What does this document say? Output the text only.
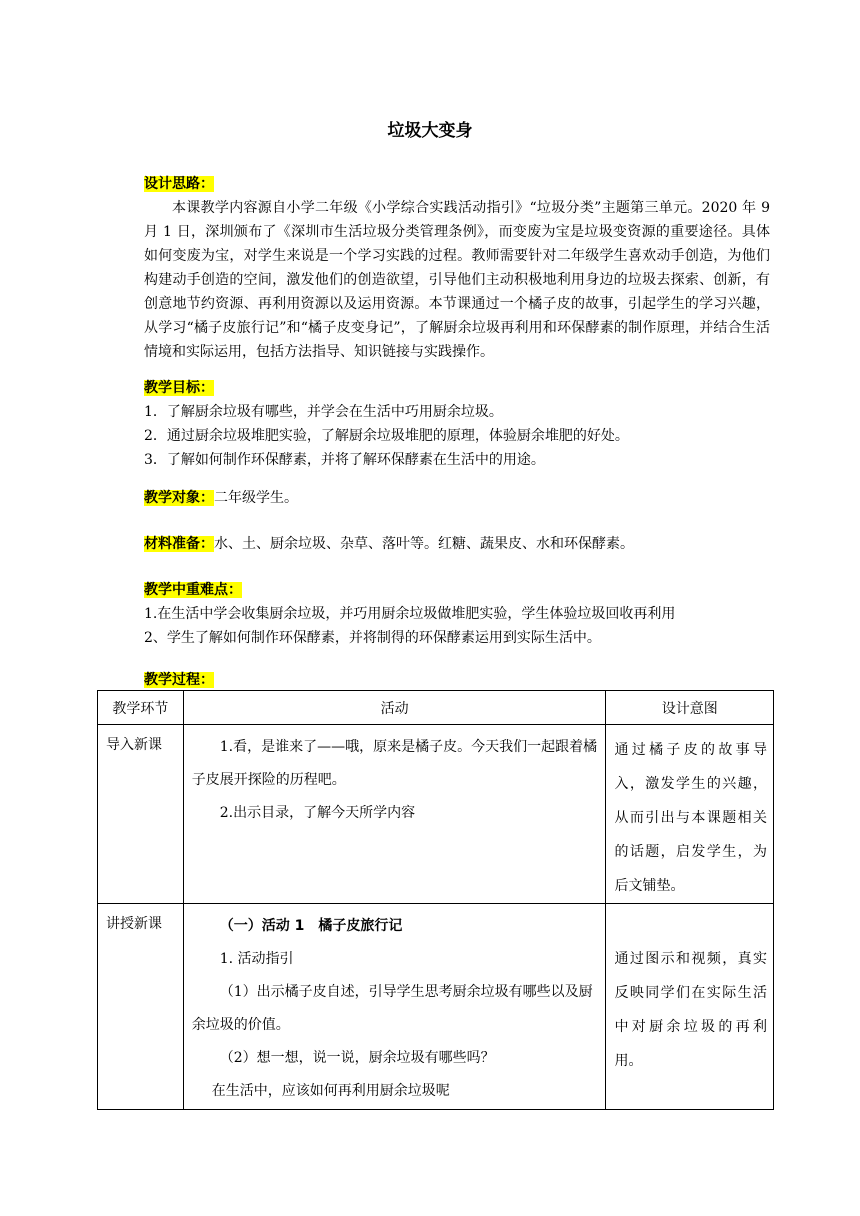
垃圾大变身

设计思路：

本课教学内容源自小学二年级《小学综合实践活动指引》“垃圾分类”主题第三单元。2020 年 9 月 1 日，深圳颁布了《深圳市生活垃圾分类管理条例》，而变废为宝是垃圾变资源的重要途径。具体如何变废为宝，对学生来说是一个学习实践的过程。教师需要针对二年级学生喜欢动手创造，为他们构建动手创造的空间，激发他们的创造欲望，引导他们主动积极地利用身边的垃圾去探索、创新，有创意地节约资源、再利用资源以及运用资源。本节课通过一个橘子皮的故事，引起学生的学习兴趣，从学习“橘子皮旅行记”和“橘子皮变身记”，了解厨余垃圾再利用和环保酵素的制作原理，并结合生活情境和实际运用，包括方法指导、知识链接与实践操作。

教学目标：

1．了解厨余垃圾有哪些，并学会在生活中巧用厨余垃圾。

2．通过厨余垃圾堆肥实验，了解厨余垃圾堆肥的原理，体验厨余堆肥的好处。

3．了解如何制作环保酵素，并将了解环保酵素在生活中的用途。

教学对象：二年级学生。

材料准备：水、土、厨余垃圾、杂草、落叶等。红糖、蔬果皮、水和环保酵素。

教学中重难点：

1.在生活中学会收集厨余垃圾，并巧用厨余垃圾做堆肥实验，学生体验垃圾回收再利用

2、学生了解如何制作环保酵素，并将制得的环保酵素运用到实际生活中。

教学过程：

教学环节	活动	设计意图
导入新课	1.看，是谁来了——哦，原来是橘子皮。今天我们一起跟着橘子皮展开探险的历程吧。

2.出示目录，了解今天所学内容	通过橘子皮的故事导入，激发学生的兴趣，从而引出与本课题相关的话题，启发学生，为后文铺垫。
讲授新课	（一）活动 1　橘子皮旅行记

1. 活动指引

（1）出示橘子皮自述，引导学生思考厨余垃圾有哪些以及厨余垃圾的价值。

（2）想一想，说一说，厨余垃圾有哪些吗？

在生活中，应该如何再利用厨余垃圾呢	通过图示和视频，真实反映同学们在实际生活中对厨余垃圾的再利用。
